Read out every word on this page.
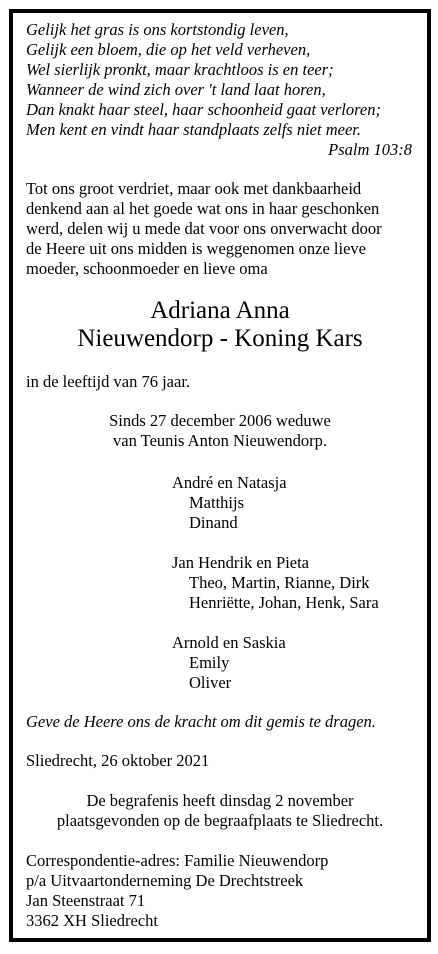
Gelijk het gras is ons kortstondig leven,
Gelijk een bloem, die op het veld verheven,
Wel sierlijk pronkt, maar krachtloos is en teer;
Wanneer de wind zich over 't land laat horen,
Dan knakt haar steel, haar schoonheid gaat verloren;
Men kent en vindt haar standplaats zelfs niet meer.
Psalm 103:8
Tot ons groot verdriet, maar ook met dankbaarheid
denkend aan al het goede wat ons in haar geschonken
werd, delen wij u mede dat voor ons onverwacht door
de Heere uit ons midden is weggenomen onze lieve
moeder, schoonmoeder en lieve oma
Adriana Anna
Nieuwendorp - Koning Kars
in de leeftijd van 76 jaar.
Sinds 27 december 2006 weduwe
van Teunis Anton Nieuwendorp.
André en Natasja
Matthijs
Dinand
Jan Hendrik en Pieta
Theo, Martin, Rianne, Dirk
Henriëtte, Johan, Henk, Sara
Arnold en Saskia
Emily
Oliver
Geve de Heere ons de kracht om dit gemis te dragen.
Sliedrecht, 26 oktober 2021
De begrafenis heeft dinsdag 2 november
plaatsgevonden op de begraafplaats te Sliedrecht.
Correspondentie-adres: Familie Nieuwendorp
p/a Uitvaartonderneming De Drechtstreek
Jan Steenstraat 71
3362 XH Sliedrecht
